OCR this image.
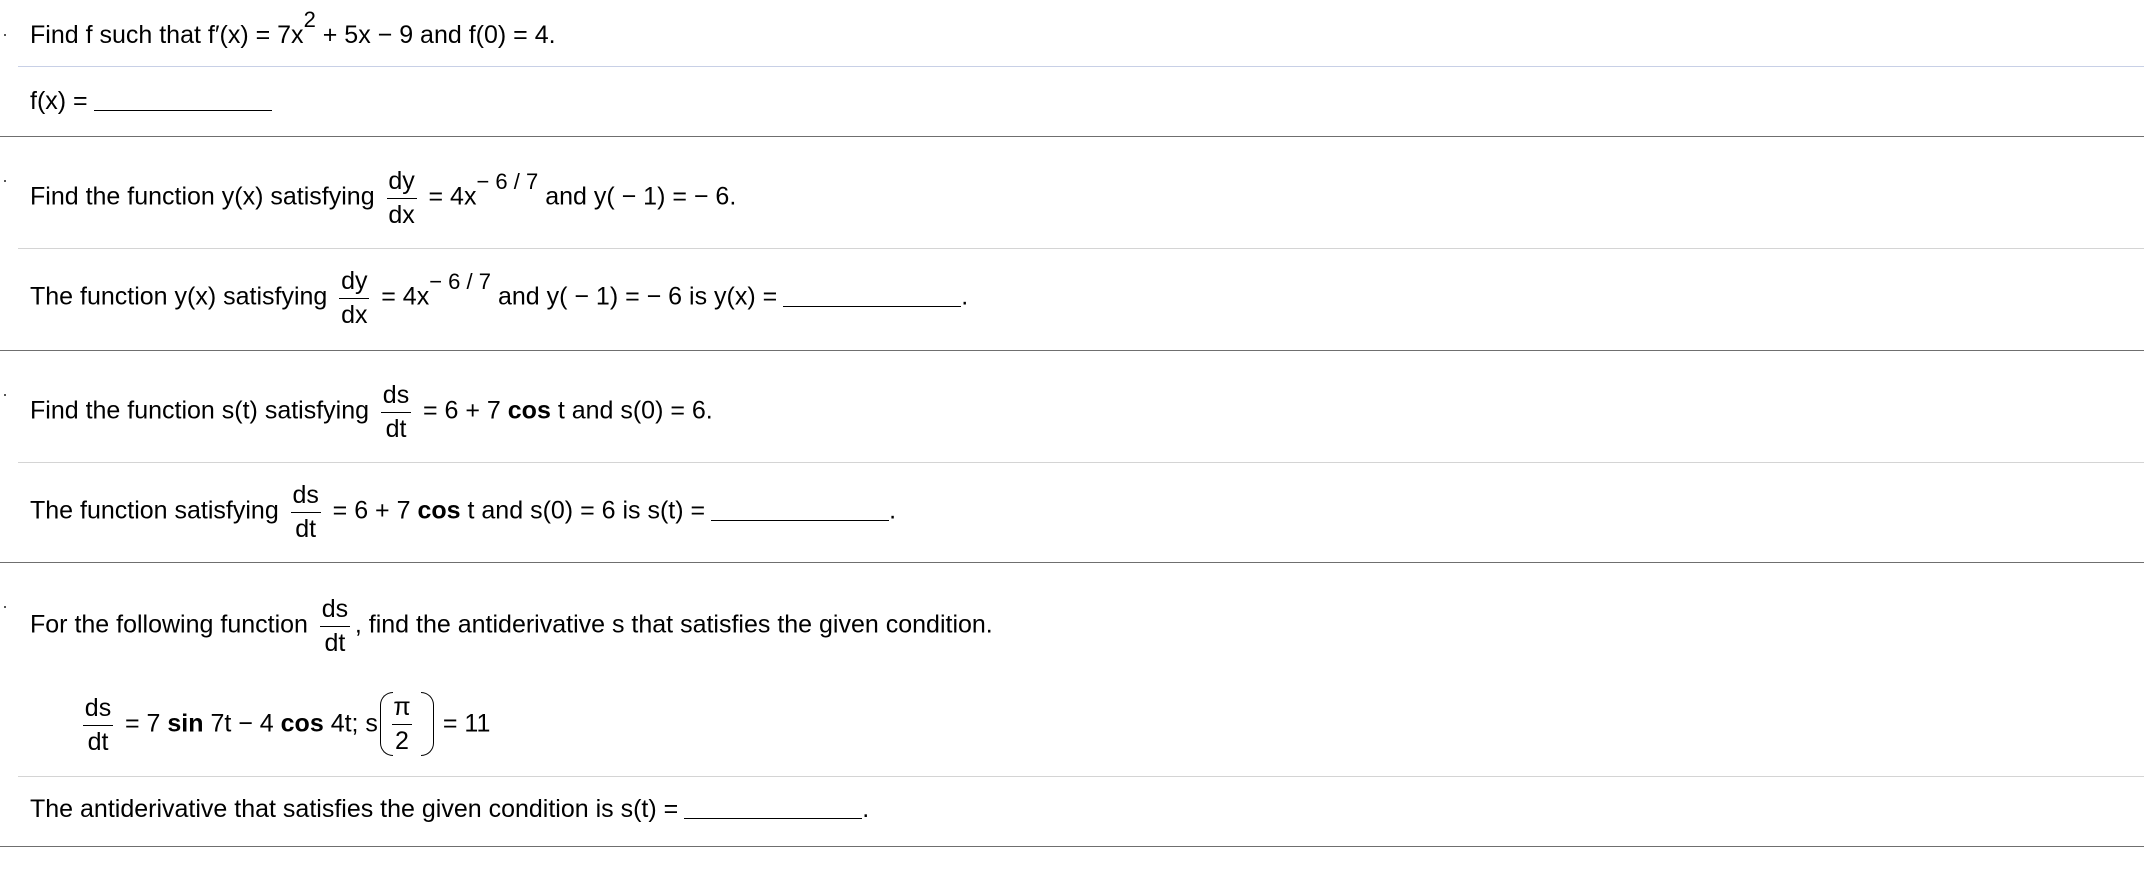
Find f such that f′(x) = 7x2 + 5x − 9 and f(0) = 4.
f(x) =
Find the function y(x) satisfying $\frac{dy}{dx} = 4x- 6 / 7$ and y( − 1) = − 6.
The function y(x) satisfying $\frac{dy}{dx} = 4x- 6 / 7$ and y( − 1) = − 6 is y(x) =	.
Find the function s(t) satisfying $\frac{ds}{dt} = 6 + 7$ cos t and s(0) = 6.
The function satisfying $\frac{ds}{dt} = 6 + 7$ cos t and s(0) = 6 is s(t) =	.
For the following function $\frac{ds}{dt}$ , find the antiderivative s that satisfies the given condition.
$\frac{ds}{dt} = 7$ sin 7t − 4 cos 4t; s
π
2
= 11
The antiderivative that satisfies the given condition is s(t) =	.
